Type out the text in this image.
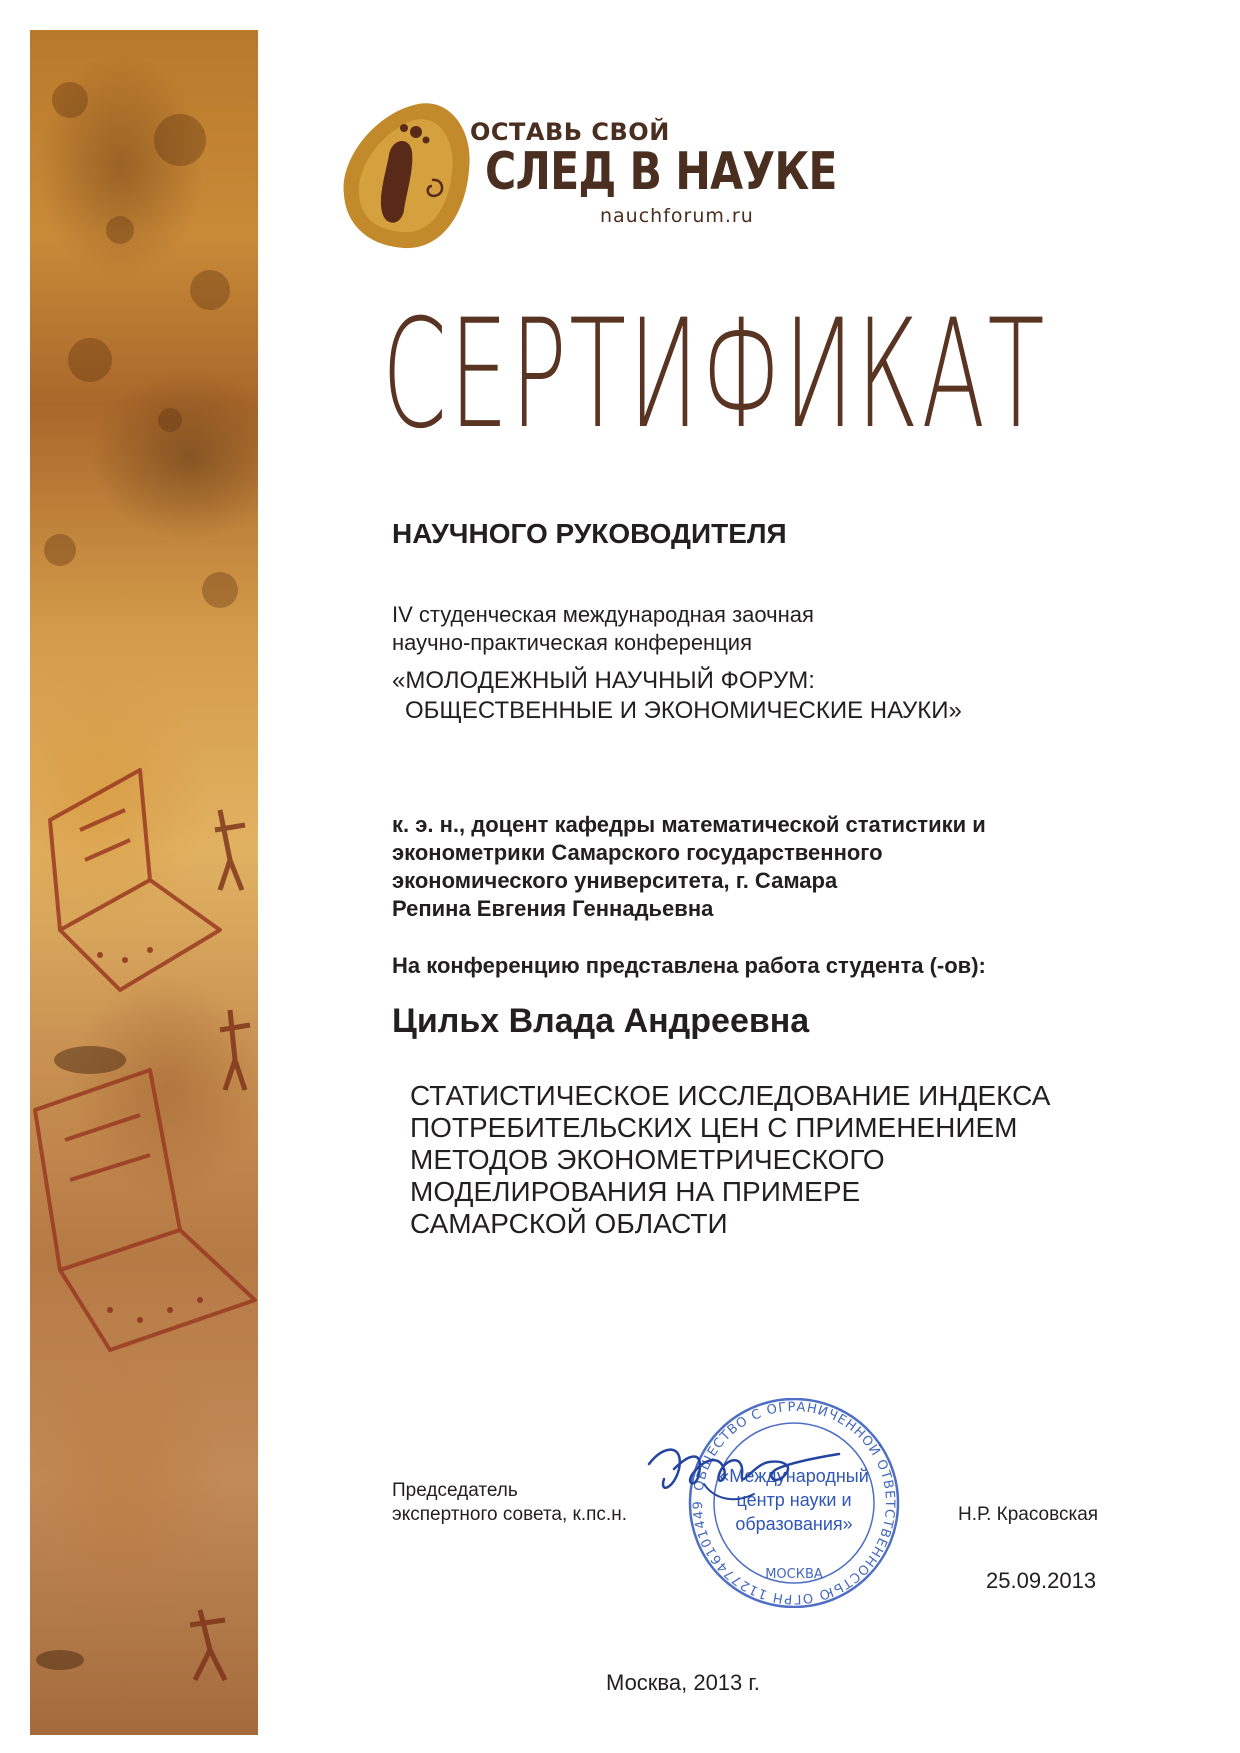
ОСТАВЬ СВОЙ
СЛЕД В НАУКЕ
nauchforum.ru
СЕРТИФИКАТ
НАУЧНОГО РУКОВОДИТЕЛЯ
IV студенческая международная заочная
научно-практическая конференция
«МОЛОДЕЖНЫЙ НАУЧНЫЙ ФОРУМ:
ОБЩЕСТВЕННЫЕ И ЭКОНОМИЧЕСКИЕ НАУКИ»
к. э. н., доцент кафедры математической статистики и
эконометрики Самарского государственного
экономического университета, г. Самара
Репина Евгения Геннадьевна
На конференцию представлена работа студента (-ов):
Цильх Влада Андреевна
СТАТИСТИЧЕСКОЕ ИССЛЕДОВАНИЕ ИНДЕКСА
ПОТРЕБИТЕЛЬСКИХ ЦЕН С ПРИМЕНЕНИЕМ
МЕТОДОВ ЭКОНОМЕТРИЧЕСКОГО
МОДЕЛИРОВАНИЯ НА ПРИМЕРЕ
САМАРСКОЙ ОБЛАСТИ
Председатель
экспертного совета, к.пс.н.	Н.Р. Красовская
25.09.2013
ОБЩЕСТВО С ОГРАНИЧЕННОЙ ОТВЕТСТВЕННОСТЬЮ ОГРН 1127746101449
МОСКВА
«Международный
центр науки и
образования»
Москва, 2013 г.
